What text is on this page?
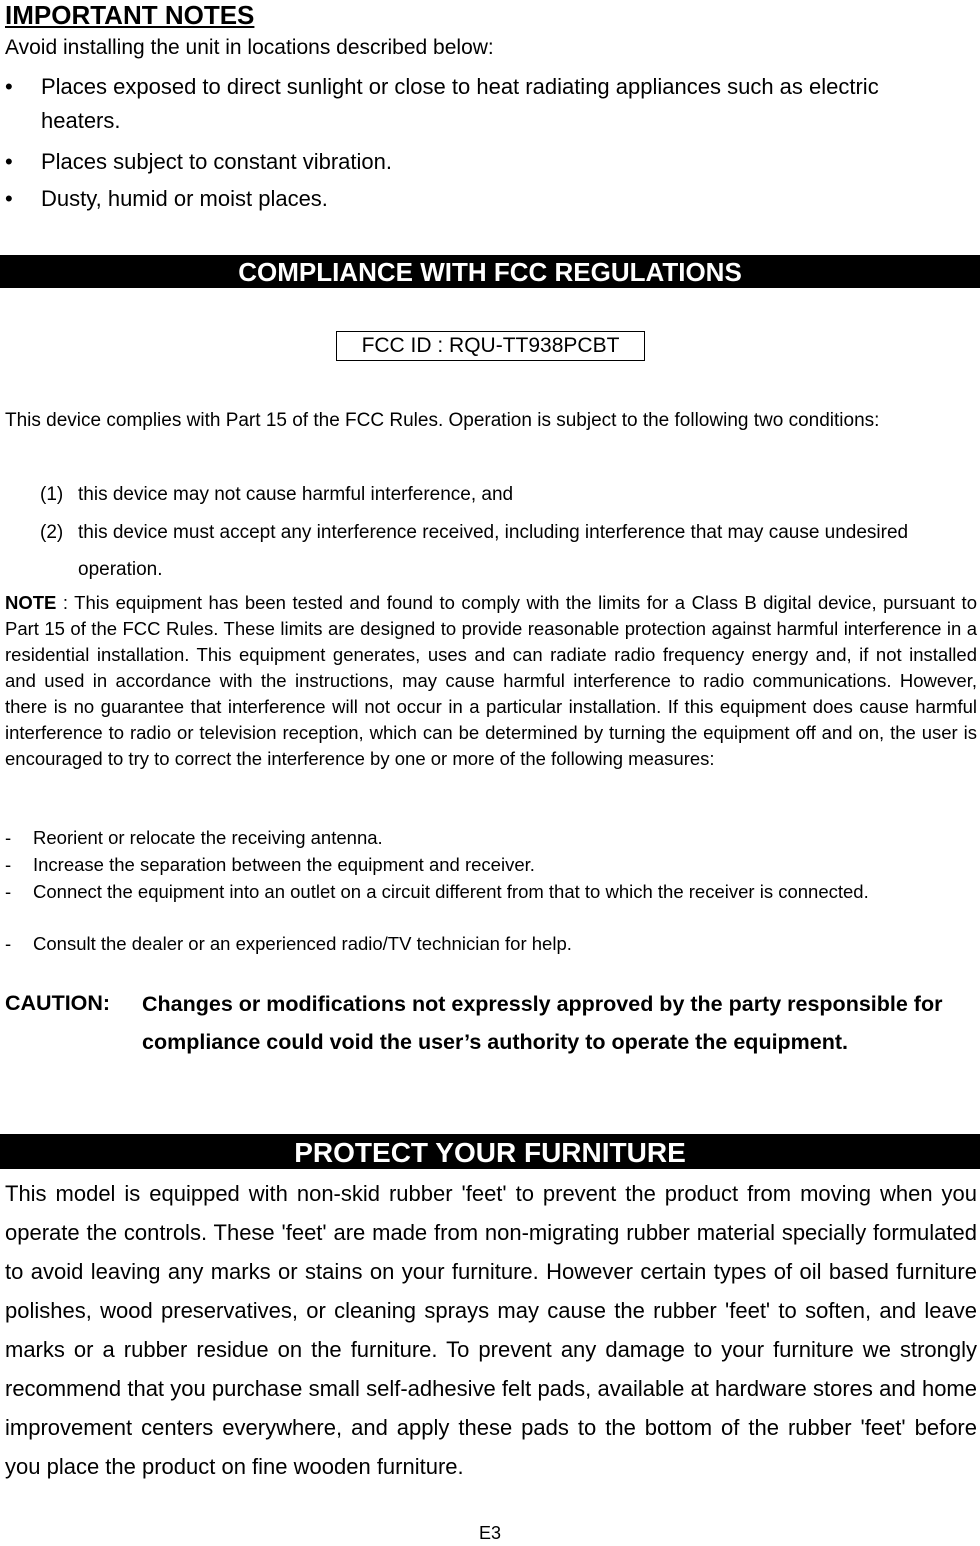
IMPORTANT NOTES
Avoid installing the unit in locations described below:
• Places exposed to direct sunlight or close to heat radiating appliances such as electric heaters.
• Places subject to constant vibration.
• Dusty, humid or moist places.
COMPLIANCE WITH FCC REGULATIONS
FCC ID : RQU-TT938PCBT
This device complies with Part 15 of the FCC Rules. Operation is subject to the following two conditions:
(1) this device may not cause harmful interference, and
(2) this device must accept any interference received, including interference that may cause undesired operation.
NOTE : This equipment has been tested and found to comply with the limits for a Class B digital device, pursuant to Part 15 of the FCC Rules. These limits are designed to provide reasonable protection against harmful interference in a residential installation. This equipment generates, uses and can radiate radio frequency energy and, if not installed and used in accordance with the instructions, may cause harmful interference to radio communications. However, there is no guarantee that interference will not occur in a particular installation. If this equipment does cause harmful interference to radio or television reception, which can be determined by turning the equipment off and on, the user is encouraged to try to correct the interference by one or more of the following measures:
- Reorient or relocate the receiving antenna.
- Increase the separation between the equipment and receiver.
- Connect the equipment into an outlet on a circuit different from that to which the receiver is connected.
- Consult the dealer or an experienced radio/TV technician for help.
CAUTION: Changes or modifications not expressly approved by the party responsible for compliance could void the user’s authority to operate the equipment.
PROTECT YOUR FURNITURE
This model is equipped with non-skid rubber 'feet' to prevent the product from moving when you operate the controls. These 'feet' are made from non-migrating rubber material specially formulated to avoid leaving any marks or stains on your furniture. However certain types of oil based furniture polishes, wood preservatives, or cleaning sprays may cause the rubber 'feet' to soften, and leave marks or a rubber residue on the furniture. To prevent any damage to your furniture we strongly recommend that you purchase small self-adhesive felt pads, available at hardware stores and home improvement centers everywhere, and apply these pads to the bottom of the rubber 'feet' before you place the product on fine wooden furniture.
E3
